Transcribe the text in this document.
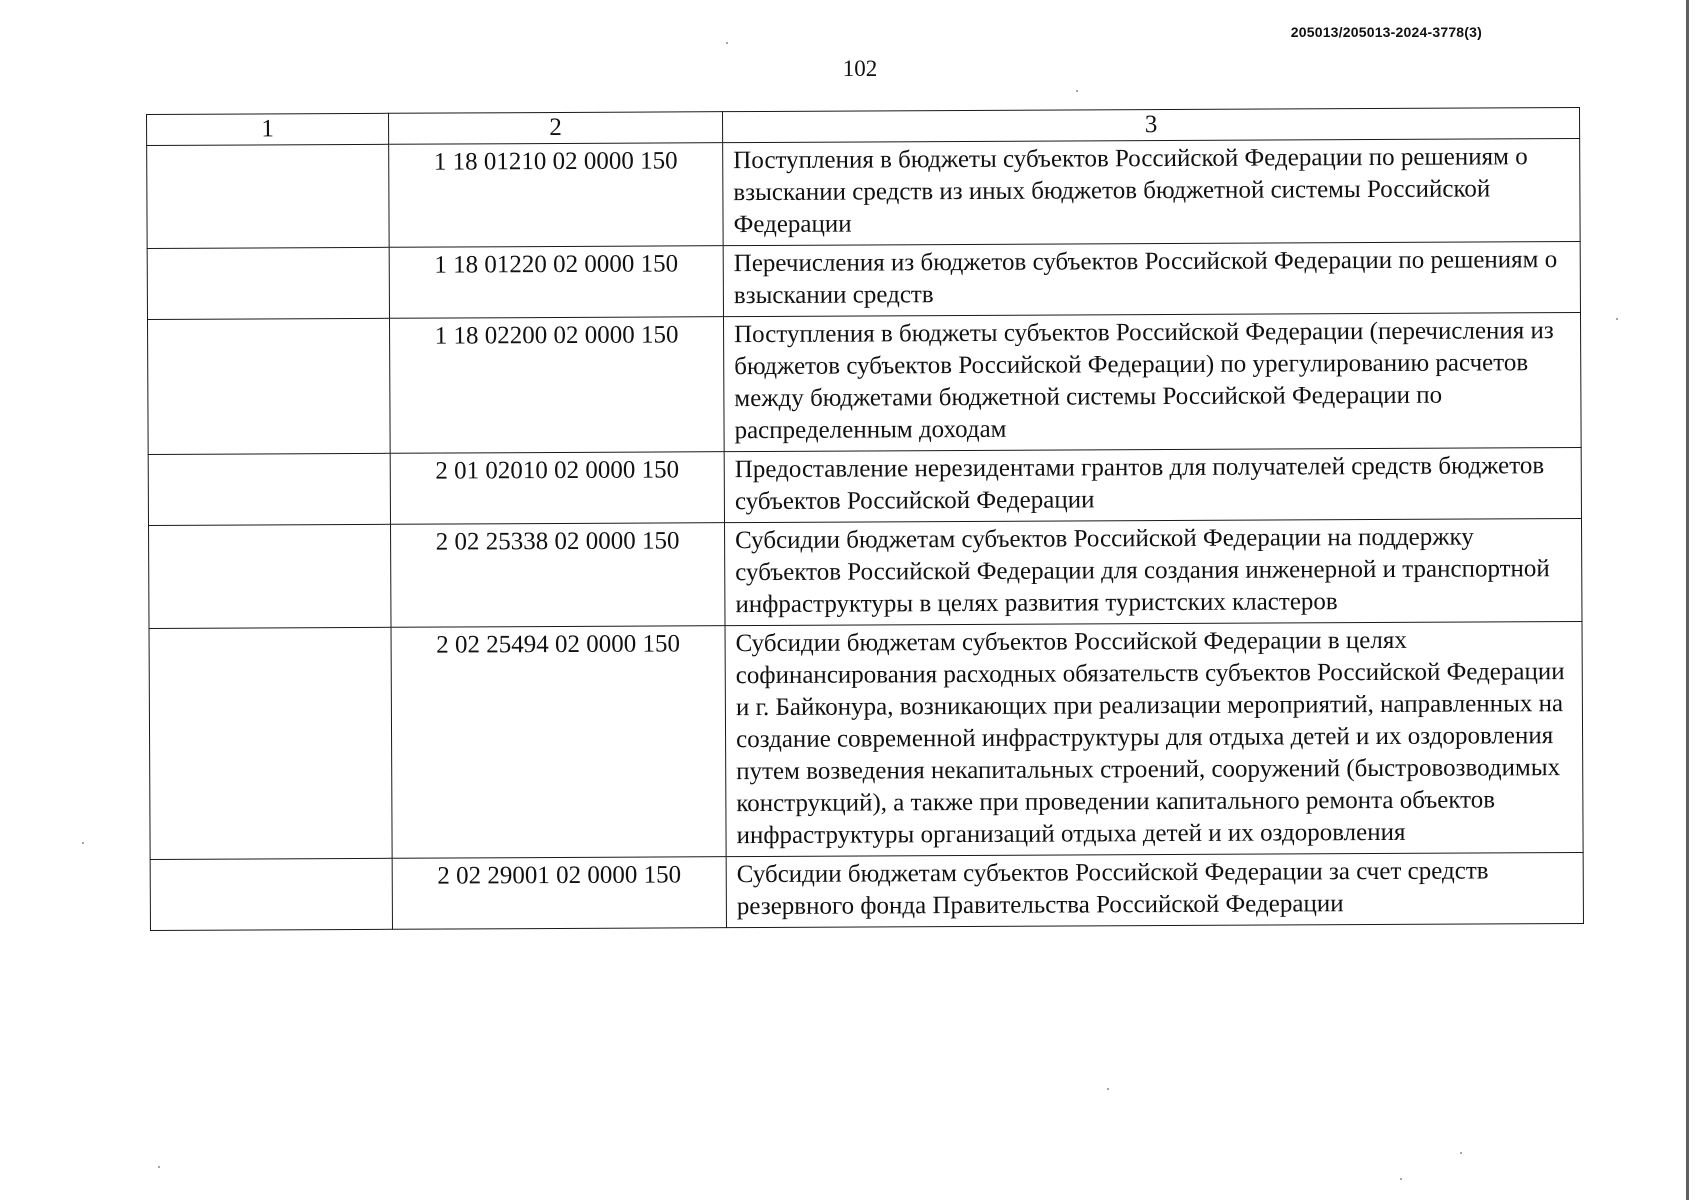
205013/205013-2024-3778(3)
102
1	2	3
	1 18 01210 02 0000 150	Поступления в бюджеты субъектов Российской Федерации по решениям о взыскании средств из иных бюджетов бюджетной системы Российской Федерации
	1 18 01220 02 0000 150	Перечисления из бюджетов субъектов Российской Федерации по решениям о взыскании средств
	1 18 02200 02 0000 150	Поступления в бюджеты субъектов Российской Федерации (перечисления из бюджетов субъектов Российской Федерации) по урегулированию расчетов между бюджетами бюджетной системы Российской Федерации по распределенным доходам
	2 01 02010 02 0000 150	Предоставление нерезидентами грантов для получателей средств бюджетов субъектов Российской Федерации
	2 02 25338 02 0000 150	Субсидии бюджетам субъектов Российской Федерации на поддержку субъектов Российской Федерации для создания инженерной и транспортной инфраструктуры в целях развития туристских кластеров
	2 02 25494 02 0000 150	Субсидии бюджетам субъектов Российской Федерации в целях софинансирования расходных обязательств субъектов Российской Федерации и г. Байконура, возникающих при реализации мероприятий, направленных на создание современной инфраструктуры для отдыха детей и их оздоровления путем возведения некапитальных строений, сооружений (быстровозводимых конструкций), а также при проведении капитального ремонта объектов инфраструктуры организаций отдыха детей и их оздоровления
	2 02 29001 02 0000 150	Субсидии бюджетам субъектов Российской Федерации за счет средств резервного фонда Правительства Российской Федерации
